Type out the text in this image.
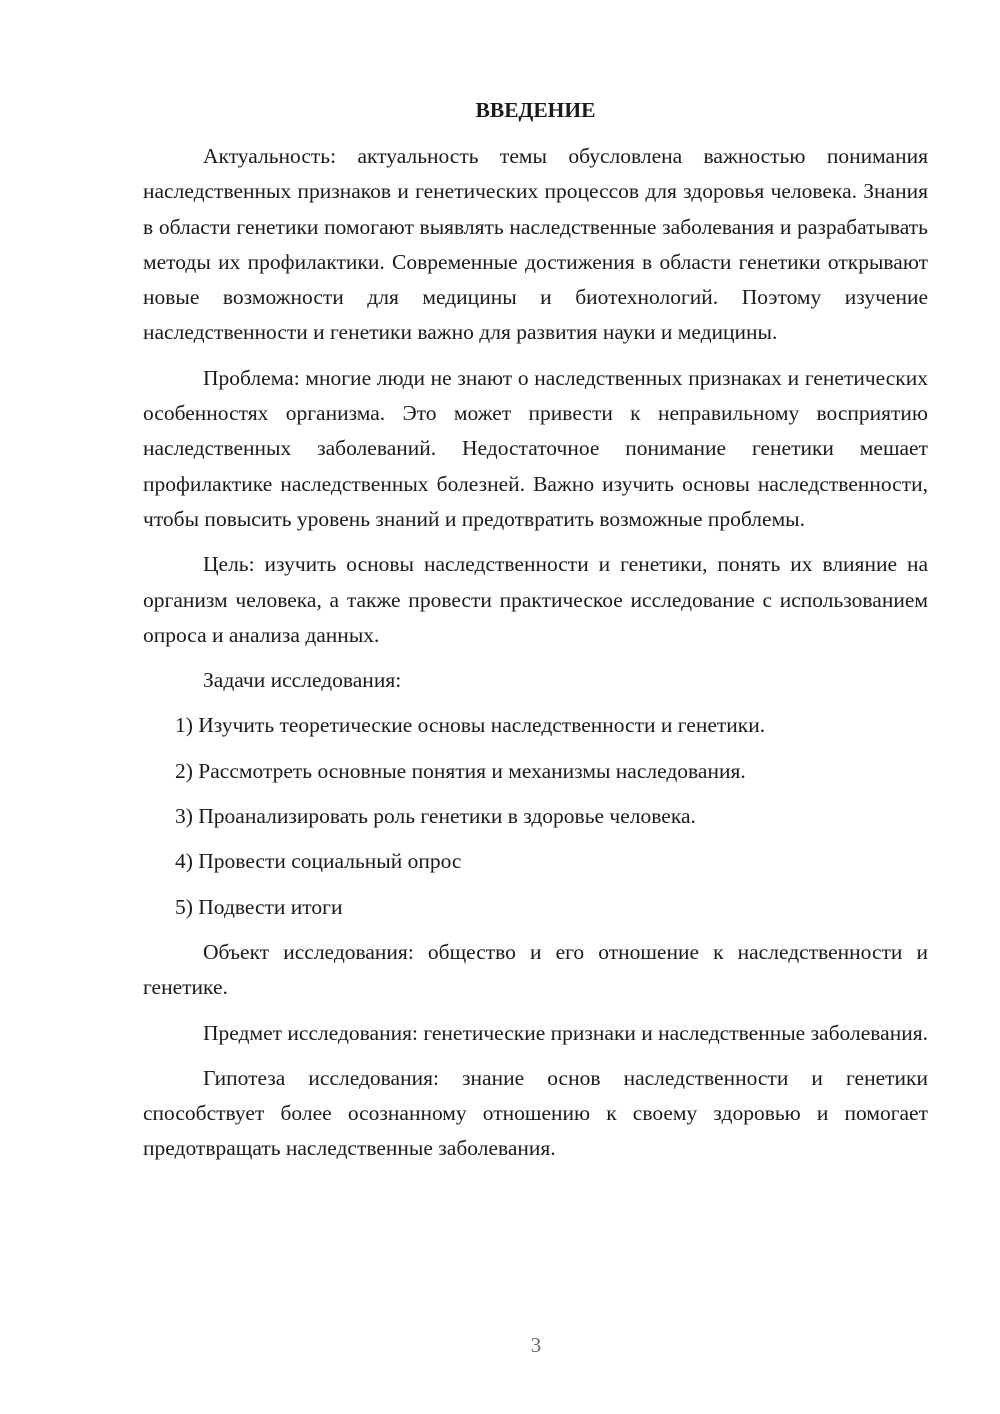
ВВЕДЕНИЕ

Актуальность: актуальность темы обусловлена важностью понимания наследственных признаков и генетических процессов для здоровья человека. Знания в области генетики помогают выявлять наследственные заболевания и разрабатывать методы их профилактики. Современные достижения в области генетики открывают новые возможности для медицины и биотехнологий. Поэтому изучение наследственности и генетики важно для развития науки и медицины.

Проблема: многие люди не знают о наследственных признаках и генетических особенностях организма. Это может привести к неправильному восприятию наследственных заболеваний. Недостаточное понимание генетики мешает профилактике наследственных болезней. Важно изучить основы наследственности, чтобы повысить уровень знаний и предотвратить возможные проблемы.

Цель: изучить основы наследственности и генетики, понять их влияние на организм человека, а также провести практическое исследование с использованием опроса и анализа данных.

Задачи исследования:

1) Изучить теоретические основы наследственности и генетики.

2) Рассмотреть основные понятия и механизмы наследования.

3) Проанализировать роль генетики в здоровье человека.

4) Провести социальный опрос

5) Подвести итоги

Объект исследования: общество и его отношение к наследственности и генетике.

Предмет исследования: генетические признаки и наследственные заболевания.

Гипотеза исследования: знание основ наследственности и генетики способствует более осознанному отношению к своему здоровью и помогает предотвращать наследственные заболевания.

3
